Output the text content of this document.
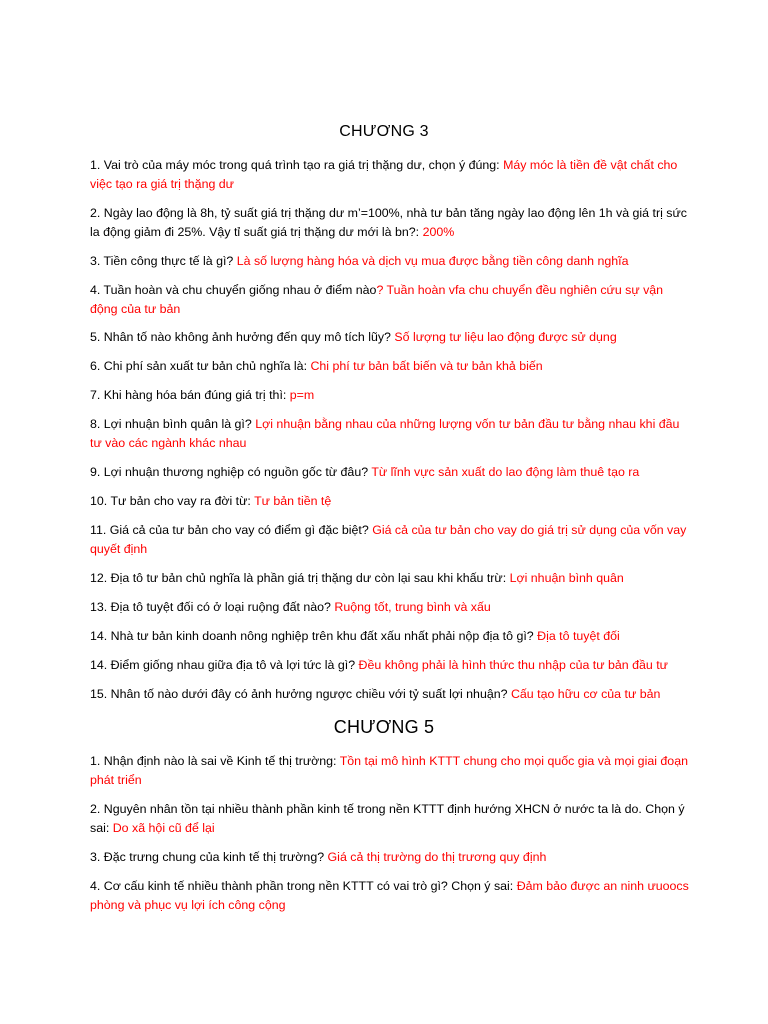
CHƯƠNG 3

1. Vai trò của máy móc trong quá trình tạo ra giá trị thặng dư, chọn ý đúng: Máy móc là tiền đề vật chất cho việc tạo ra giá trị thặng dư

2. Ngày lao động là 8h, tỷ suất giá trị thặng dư m’=100%, nhà tư bản tăng ngày lao động lên 1h và giá trị sức la động giảm đi 25%. Vậy tỉ suất giá trị thặng dư mới là bn?: 200%

3. Tiền công thực tế là gì? Là số lượng hàng hóa và dịch vụ mua được bằng tiền công danh nghĩa

4. Tuần hoàn và chu chuyển giống nhau ở điểm nào? Tuần hoàn vfa chu chuyển đều nghiên cứu sự vận động của tư bản

5. Nhân tố nào không ảnh hưởng đến quy mô tích lũy? Số lượng tư liệu lao động được sử dụng

6. Chi phí sản xuất tư bản chủ nghĩa là: Chi phí tư bản bất biến và tư bản khả biến

7. Khi hàng hóa bán đúng giá trị thì: p=m

8. Lợi nhuận bình quân là gì? Lợi nhuận bằng nhau của những lượng vốn tư bản đầu tư bằng nhau khi đầu tư vào các ngành khác nhau

9. Lợi nhuận thương nghiệp có nguồn gốc từ đâu? Từ lĩnh vực sản xuất do lao động làm thuê tạo ra

10. Tư bản cho vay ra đời từ: Tư bản tiền tệ

11. Giá cả của tư bản cho vay có điểm gì đặc biệt? Giá cả của tư bản cho vay do giá trị sử dụng của vốn vay quyết định

12. Địa tô tư bản chủ nghĩa là phần giá trị thặng dư còn lại sau khi khấu trừ: Lợi nhuận bình quân

13. Địa tô tuyệt đối có ở loại ruộng đất nào? Ruộng tốt, trung bình và xấu

14. Nhà tư bản kinh doanh nông nghiệp trên khu đất xấu nhất phải nộp địa tô gì? Địa tô tuyệt đối

14. Điểm giống nhau giữa địa tô và lợi tức là gì? Đều không phải là hình thức thu nhập của tư bản đầu tư

15. Nhân tố nào dưới đây có ảnh hưởng ngược chiều với tỷ suất lợi nhuận? Cấu tạo hữu cơ của tư bản

CHƯƠNG 5

1. Nhận định nào là sai về Kinh tế thị trường: Tồn tại mô hình KTTT chung cho mọi quốc gia và mọi giai đoạn phát triển

2. Nguyên nhân tồn tại nhiều thành phần kinh tế trong nền KTTT định hướng XHCN ở nước ta là do. Chọn ý sai: Do xã hội cũ để lại

3. Đặc trưng chung của kinh tế thị trường? Giá cả thị trường do thị trương quy định

4. Cơ cấu kinh tế nhiều thành phần trong nền KTTT có vai trò gì? Chọn ý sai: Đảm bảo được an ninh ưuoocs phòng và phục vụ lợi ích công cộng
